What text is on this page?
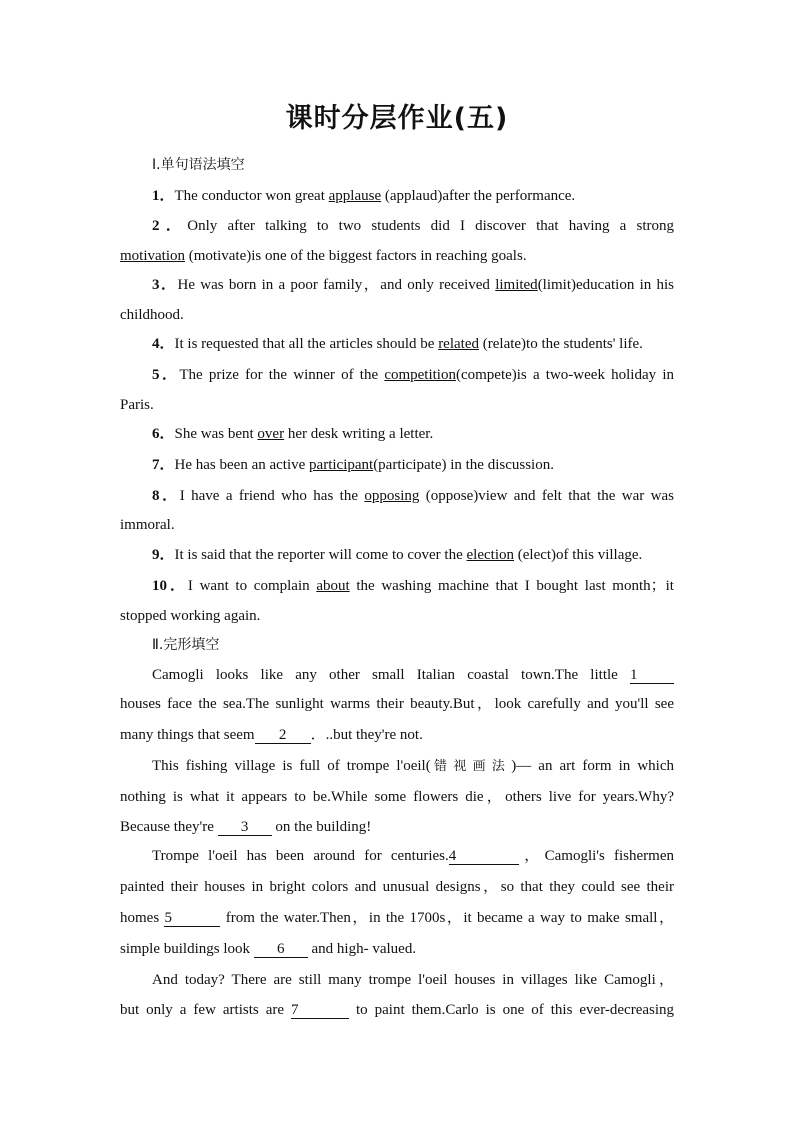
课时分层作业(五)
Ⅰ.单句语法填空
1．The conductor won great applause (applaud)after the performance.
2．Only after talking to two students did I discover that having a strong
motivation (motivate)is one of the biggest factors in reaching goals.
3．He was born in a poor family，and only received limited(limit)education in his
childhood.
4．It is requested that all the articles should be related (relate)to the students' life.
5．The prize for the winner of the competition(compete)is a two-week holiday in
Paris.
6．She was bent over her desk writing a letter.
7．He has been an active participant(participate) in the discussion.
8．I have a friend who has the opposing (oppose)view and felt that the war was
immoral.
9．It is said that the reporter will come to cover the election (elect)of this village.
10．I want to complain about the washing machine that I bought last month；it
stopped working again.
Ⅱ.完形填空
Camogli looks like any other small Italian coastal town.The little 1
houses face the sea.The sunlight warms their beauty.But，look carefully and you'll see
many things that seem 2 ．..but they're not.
This fishing village is full of trompe l'oeil(错视画法)— an art form in which
nothing is what it appears to be.While some flowers die，others live for years.Why?
Because they're 3 on the building!
Trompe l'oeil has been around for centuries.4	，Camogli's fishermen
painted their houses in bright colors and unusual designs，so that they could see their
homes 5	from the water.Then，in the 1700s，it became a way to make small，
simple buildings look 6 and high- valued.
And today? There are still many trompe l'oeil houses in villages like Camogli，
but only a few artists are 7	to paint them.Carlo is one of this ever-decreasing
